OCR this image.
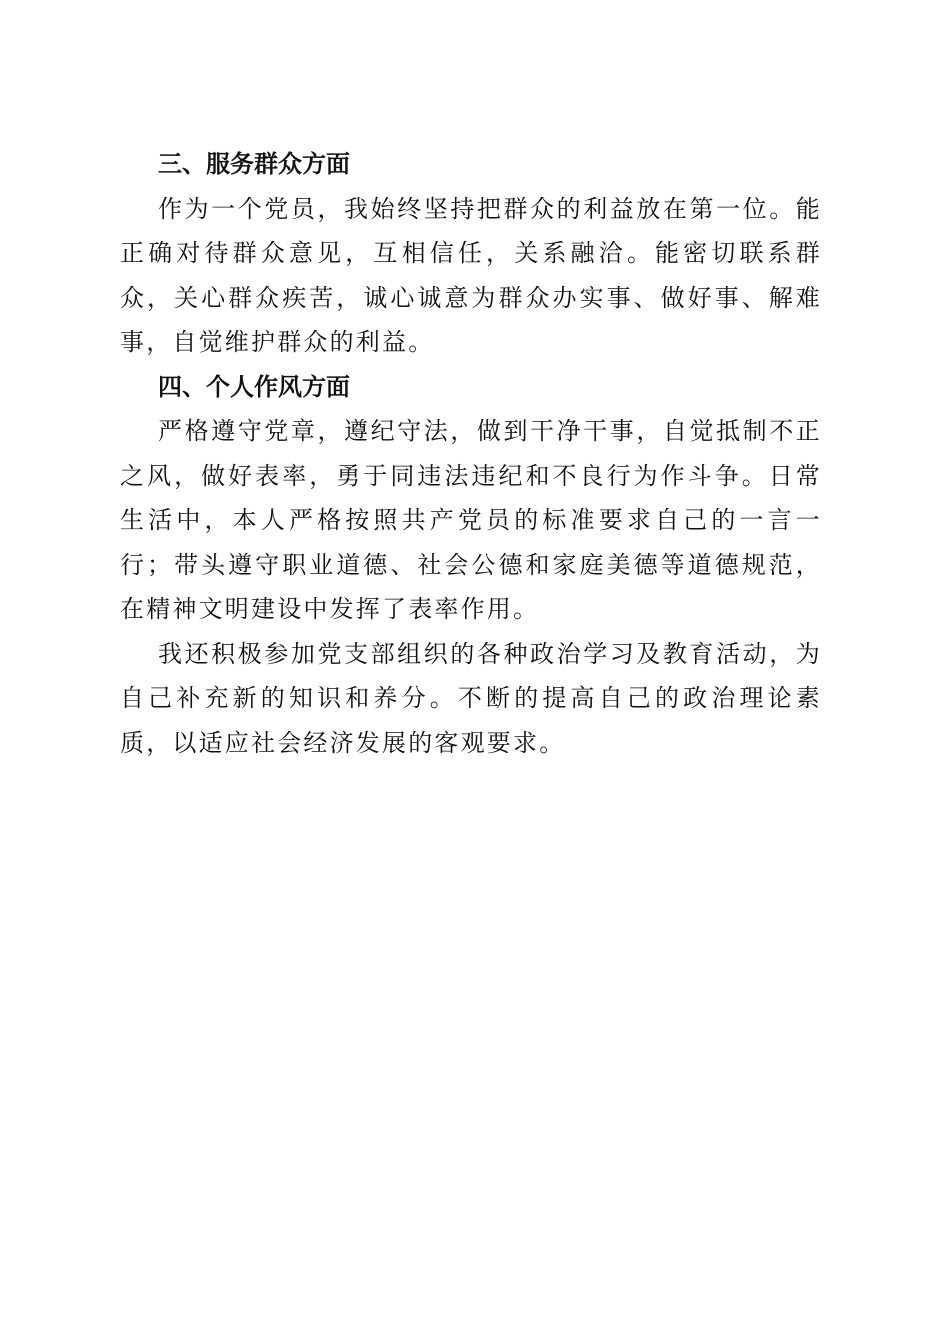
三、服务群众方面

作为一个党员，我始终坚持把群众的利益放在第一位。能正确对待群众意见，互相信任，关系融洽。能密切联系群众，关心群众疾苦，诚心诚意为群众办实事、做好事、解难事，自觉维护群众的利益。

四、个人作风方面

严格遵守党章，遵纪守法，做到干净干事，自觉抵制不正之风，做好表率，勇于同违法违纪和不良行为作斗争。日常生活中，本人严格按照共产党员的标准要求自己的一言一行；带头遵守职业道德、社会公德和家庭美德等道德规范，在精神文明建设中发挥了表率作用。

我还积极参加党支部组织的各种政治学习及教育活动，为自己补充新的知识和养分。不断的提高自己的政治理论素质，以适应社会经济发展的客观要求。
